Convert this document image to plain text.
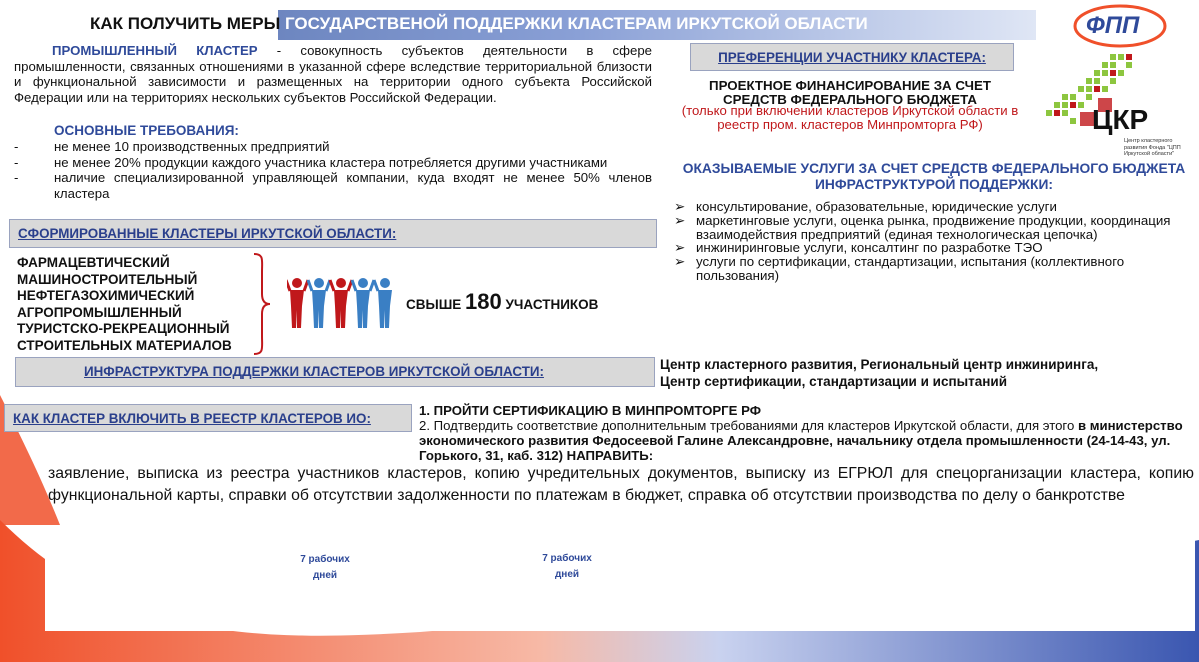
КАК ПОЛУЧИТЬ МЕРЫ ГОСУДАРСТВЕНОЙ ПОДДЕРЖКИ КЛАСТЕРАМ ИРКУТСКОЙ ОБЛАСТИ	ФПП
ПРОМЫШЛЕННЫЙ КЛАСТЕР - совокупность субъектов деятельности в сфере промышленности, связанных отношениями в указанной сфере вследствие территориальной близости и функциональной зависимости и размещенных на территории одного субъекта Российской Федерации или на территориях нескольких субъектов Российской Федерации.
ОСНОВНЫЕ ТРЕБОВАНИЯ:
-	не менее 10 производственных предприятий
-	не менее 20% продукции каждого участника кластера потребляется другими участниками
-	наличие специализированной управляющей компании, куда входят не менее 50% членов кластера
СФОРМИРОВАННЫЕ КЛАСТЕРЫ ИРКУТСКОЙ ОБЛАСТИ:
ФАРМАЦЕВТИЧЕСКИЙ
МАШИНОСТРОИТЕЛЬНЫЙ
НЕФТЕГАЗОХИМИЧЕСКИЙ
АГРОПРОМЫШЛЕННЫЙ
ТУРИСТСКО-РЕКРЕАЦИОННЫЙ
СТРОИТЕЛЬНЫХ МАТЕРИАЛОВ
СВЫШЕ 180 УЧАСТНИКОВ
ИНФРАСТРУКТУРА ПОДДЕРЖКИ КЛАСТЕРОВ ИРКУТСКОЙ ОБЛАСТИ:	Центр кластерного развития, Региональный центр инжиниринга,
Центр сертификации, стандартизации и испытаний
КАК КЛАСТЕР ВКЛЮЧИТЬ В РЕЕСТР КЛАСТЕРОВ ИО:
1. ПРОЙТИ СЕРТИФИКАЦИЮ В МИНПРОМТОРГЕ РФ
2. Подтвердить соответствие дополнительным требованиями для кластеров Иркутской области, для этого в министерство экономического развития Федосеевой Галине Александровне, начальнику отдела промышленности (24-14-43, ул. Горького, 31, каб. 312) НАПРАВИТЬ:
заявление, выписка из реестра участников кластеров, копию учредительных документов, выписку из ЕГРЮЛ для спецорганизации кластера, копию функциональной карты, справки об отсутствии задолженности по платежам в бюджет, справка об отсутствии производства по делу о банкротстве
7 рабочих
дней
7 рабочих
дней
ПРЕФЕРЕНЦИИ УЧАСТНИКУ КЛАСТЕРА:
ПРОЕКТНОЕ ФИНАНСИРОВАНИЕ ЗА СЧЕТ СРЕДСТВ ФЕДЕРАЛЬНОГО БЮДЖЕТА
(только при включении кластеров Иркутской области в реестр пром. кластеров Минпромторга РФ)	ЦКР
Центр кластерного развития Фонда "ЦПП Иркутской области"
ОКАЗЫВАЕМЫЕ УСЛУГИ ЗА СЧЕТ СРЕДСТВ ФЕДЕРАЛЬНОГО БЮДЖЕТА ИНФРАСТРУКТУРОЙ ПОДДЕРЖКИ:
➢ консультирование, образовательные, юридические услуги
➢ маркетинговые услуги, оценка рынка, продвижение продукции, координация взаимодействия предприятий (единая технологическая цепочка)
➢ инжиниринговые услуги, консалтинг по разработке ТЭО
➢ услуги по сертификации, стандартизации, испытания (коллективного пользования)
